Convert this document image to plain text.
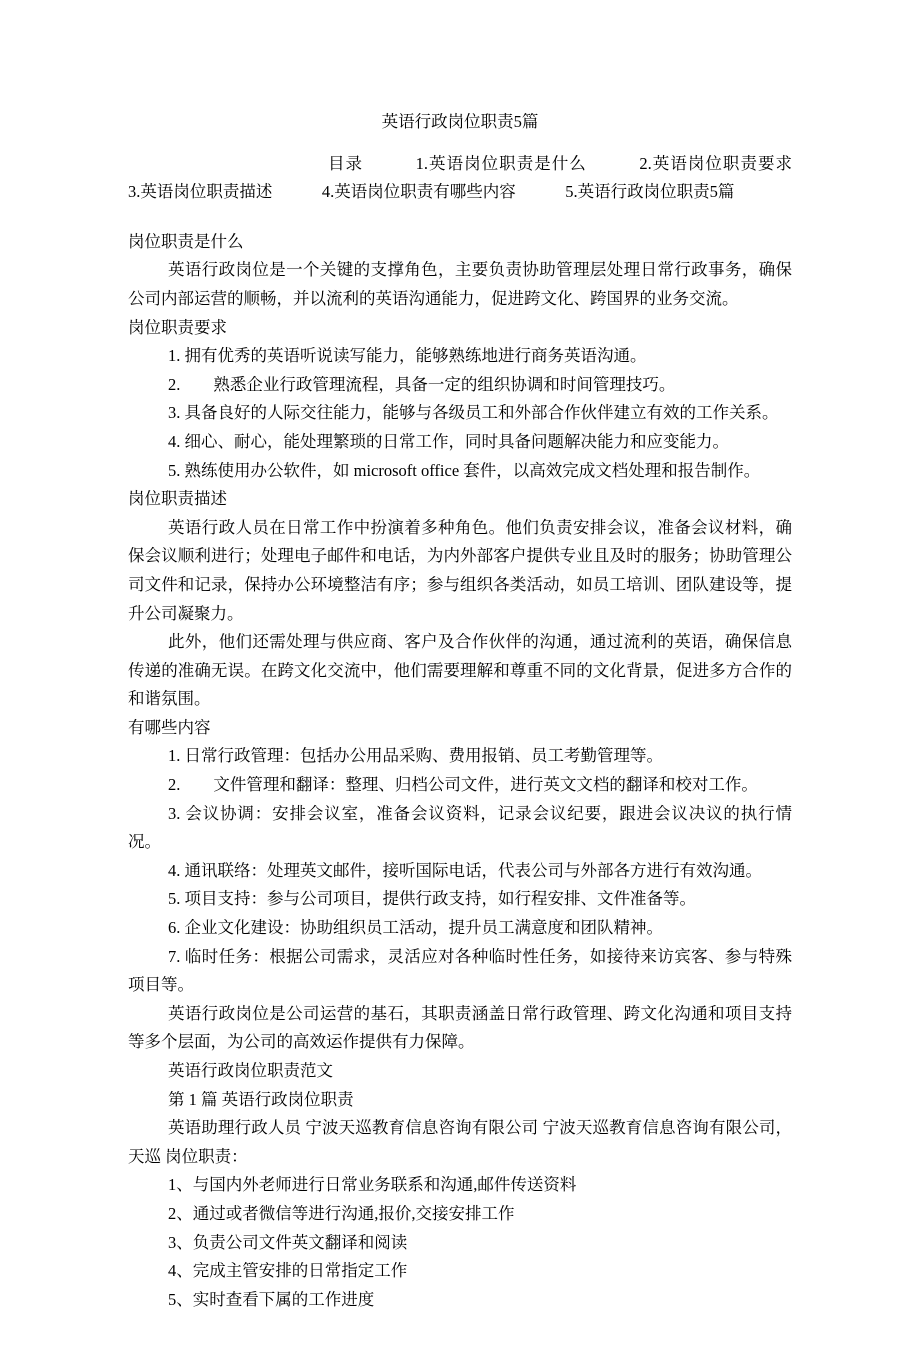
英语行政岗位职责5篇

目录　　　1.英语岗位职责是什么　　　2.英语岗位职责要求　　　3.英语岗位职责描述　　　4.英语岗位职责有哪些内容　　　5.英语行政岗位职责5篇

岗位职责是什么

英语行政岗位是一个关键的支撑角色，主要负责协助管理层处理日常行政事务，确保公司内部运营的顺畅，并以流利的英语沟通能力，促进跨文化、跨国界的业务交流。

岗位职责要求

1. 拥有优秀的英语听说读写能力，能够熟练地进行商务英语沟通。

2.　　熟悉企业行政管理流程，具备一定的组织协调和时间管理技巧。

3. 具备良好的人际交往能力，能够与各级员工和外部合作伙伴建立有效的工作关系。

4. 细心、耐心，能处理繁琐的日常工作，同时具备问题解决能力和应变能力。

5. 熟练使用办公软件，如 microsoft office 套件，以高效完成文档处理和报告制作。

岗位职责描述

英语行政人员在日常工作中扮演着多种角色。他们负责安排会议，准备会议材料，确保会议顺利进行；处理电子邮件和电话，为内外部客户提供专业且及时的服务；协助管理公司文件和记录，保持办公环境整洁有序；参与组织各类活动，如员工培训、团队建设等，提升公司凝聚力。

此外，他们还需处理与供应商、客户及合作伙伴的沟通，通过流利的英语，确保信息传递的准确无误。在跨文化交流中，他们需要理解和尊重不同的文化背景，促进多方合作的和谐氛围。

有哪些内容

1. 日常行政管理：包括办公用品采购、费用报销、员工考勤管理等。

2.　　文件管理和翻译：整理、归档公司文件，进行英文文档的翻译和校对工作。

3. 会议协调：安排会议室，准备会议资料，记录会议纪要，跟进会议决议的执行情况。

4. 通讯联络：处理英文邮件，接听国际电话，代表公司与外部各方进行有效沟通。

5. 项目支持：参与公司项目，提供行政支持，如行程安排、文件准备等。

6. 企业文化建设：协助组织员工活动，提升员工满意度和团队精神。

7. 临时任务：根据公司需求，灵活应对各种临时性任务，如接待来访宾客、参与特殊项目等。

英语行政岗位是公司运营的基石，其职责涵盖日常行政管理、跨文化沟通和项目支持等多个层面，为公司的高效运作提供有力保障。

英语行政岗位职责范文

第 1 篇 英语行政岗位职责

英语助理行政人员 宁波天巡教育信息咨询有限公司 宁波天巡教育信息咨询有限公司，天巡 岗位职责：

1、与国内外老师进行日常业务联系和沟通,邮件传送资料

2、通过或者微信等进行沟通,报价,交接安排工作

3、负责公司文件英文翻译和阅读

4、完成主管安排的日常指定工作

5、实时查看下属的工作进度
